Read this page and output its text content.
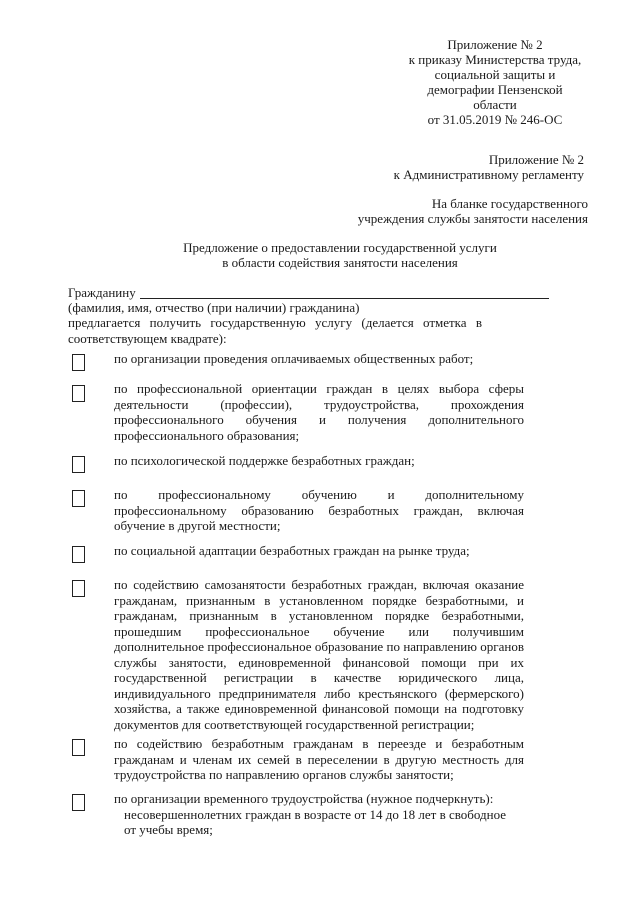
Приложение № 2
к приказу Министерства труда,
социальной защиты и
демографии Пензенской
области
от 31.05.2019 № 246-ОС
Приложение № 2
к Административному регламенту
На бланке государственного
учреждения службы занятости населения
Предложение о предоставлении государственной услуги
в области содействия занятости населения
Гражданину
(фамилия, имя, отчество (при наличии) гражданина)
предлагается получить государственную услугу (делается отметка в
соответствующем квадрате):
по организации проведения оплачиваемых общественных работ;
по профессиональной ориентации граждан в целях выбора сферы
деятельности (профессии), трудоустройства, прохождения
профессионального обучения и получения дополнительного
профессионального образования;
по психологической поддержке безработных граждан;
по профессиональному обучению и дополнительному
профессиональному образованию безработных граждан, включая
обучение в другой местности;
по социальной адаптации безработных граждан на рынке труда;
по содействию самозанятости безработных граждан, включая оказание
гражданам, признанным в установленном порядке безработными, и
гражданам, признанным в установленном порядке безработными,
прошедшим профессиональное обучение или получившим
дополнительное профессиональное образование по направлению органов
службы занятости, единовременной финансовой помощи при их
государственной регистрации в качестве юридического лица,
индивидуального предпринимателя либо крестьянского (фермерского)
хозяйства, а также единовременной финансовой помощи на подготовку
документов для соответствующей государственной регистрации;
по содействию безработным гражданам в переезде и безработным
гражданам и членам их семей в переселении в другую местность для
трудоустройства по направлению органов службы занятости;
по организации временного трудоустройства (нужное подчеркнуть):
несовершеннолетних граждан в возрасте от 14 до 18 лет в свободное
от учебы время;
